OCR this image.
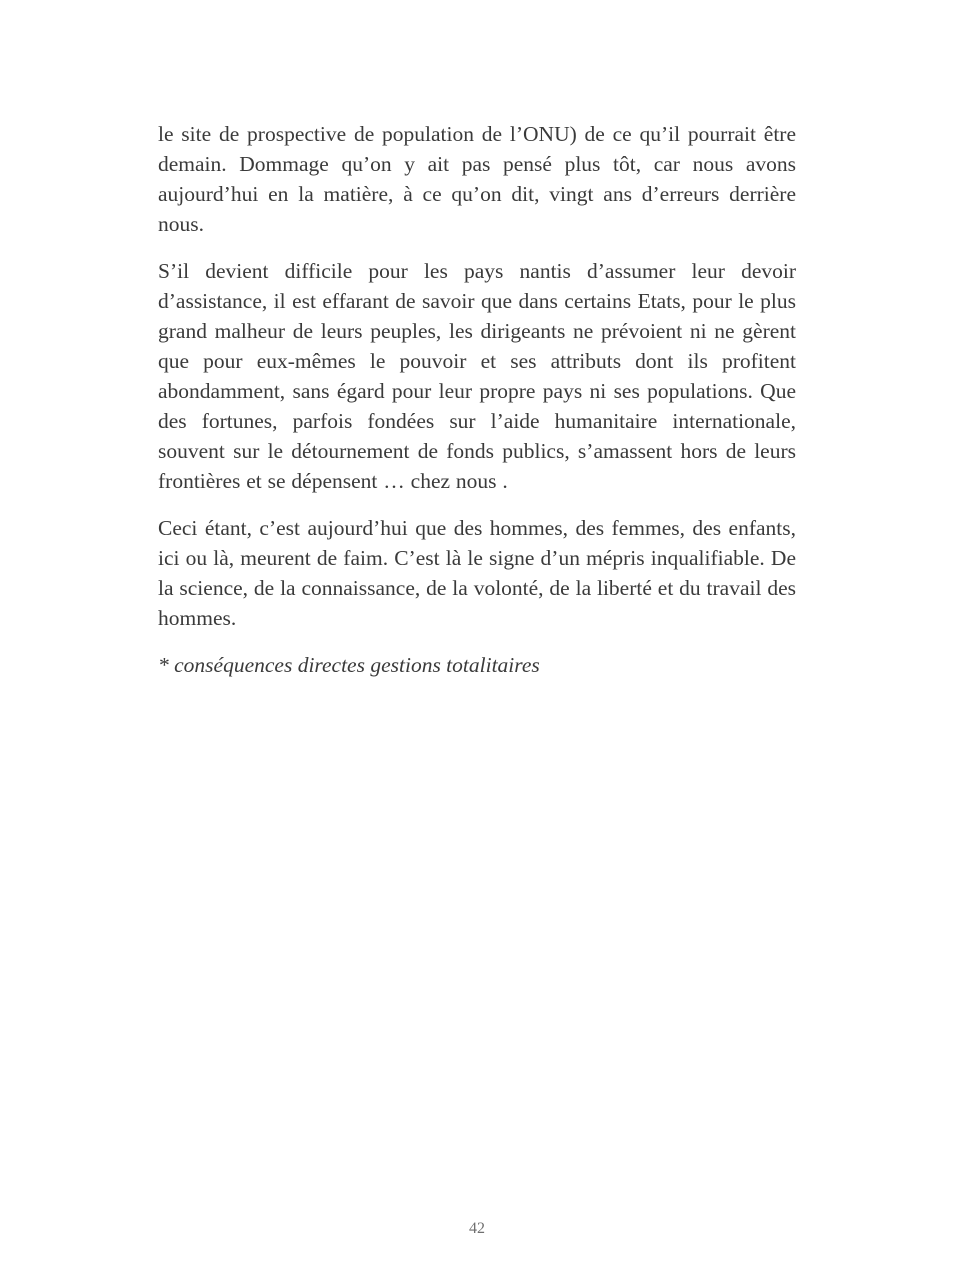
le site de prospective de population de l’ONU) de ce qu’il pourrait être demain. Dommage qu’on y ait pas pensé plus tôt, car nous avons aujourd’hui en la matière, à ce qu’on dit, vingt ans d’erreurs derrière nous.

S’il devient difficile pour les pays nantis d’assumer leur devoir d’assistance, il est effarant de savoir que dans certains Etats, pour le plus grand malheur de leurs peuples, les dirigeants ne prévoient ni ne gèrent que pour eux-mêmes le pouvoir et ses attributs dont ils profitent abondamment, sans égard pour leur propre pays ni ses populations. Que des fortunes, parfois fondées sur l’aide humanitaire internationale, souvent sur le détournement de fonds publics, s’amassent hors de leurs frontières et se dépensent … chez nous .

Ceci étant, c’est aujourd’hui que des hommes, des femmes, des enfants, ici ou là, meurent de faim. C’est là le signe d’un mépris inqualifiable. De la science, de la connaissance, de la volonté, de la liberté et du travail des hommes.

* conséquences directes gestions totalitaires

42
